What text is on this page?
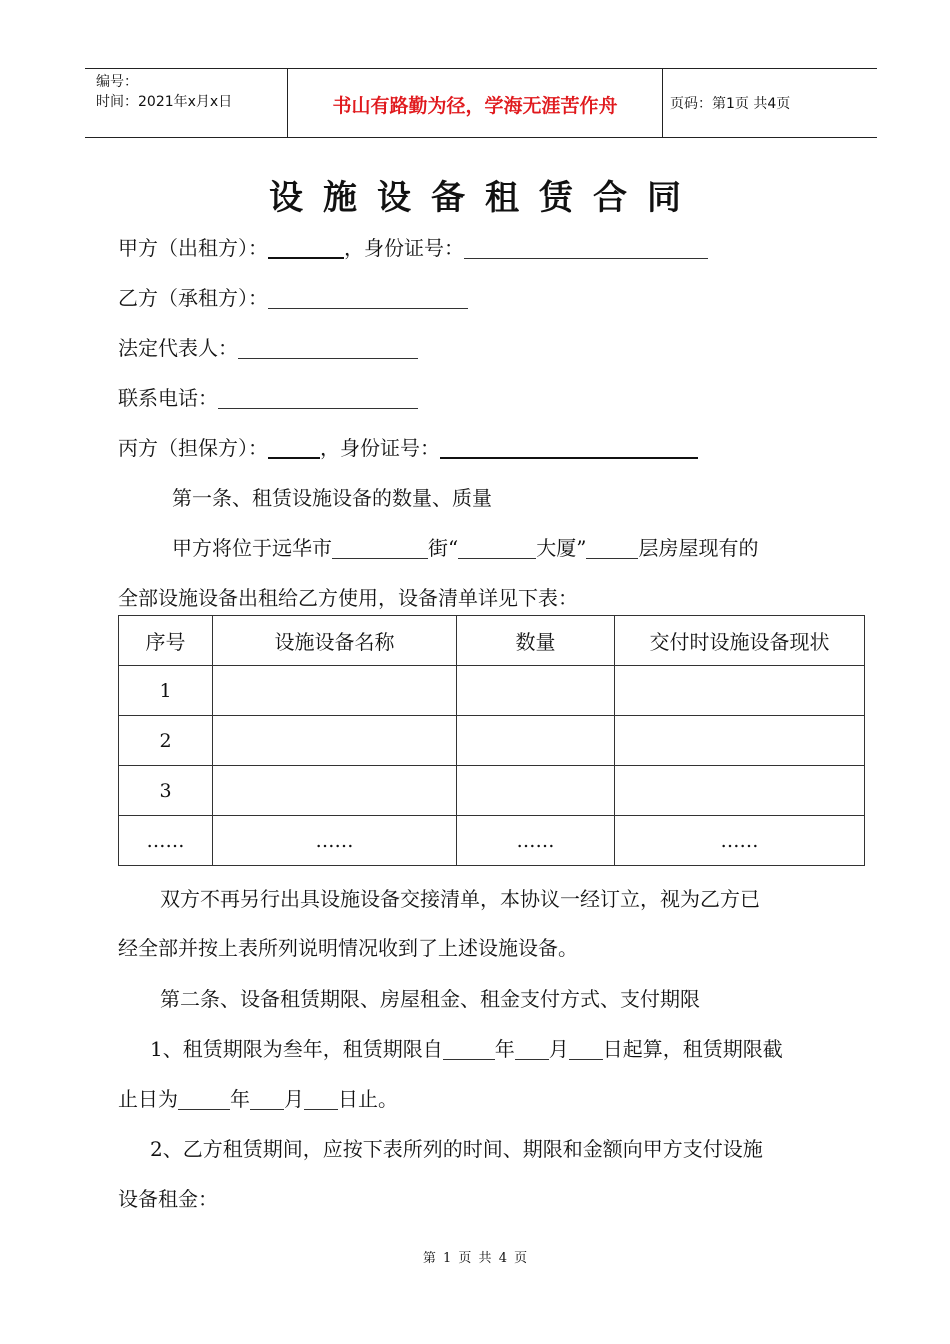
编号：
时间：2021年x月x日	书山有路勤为径，学海无涯苦作舟	页码：第1页 共4页
设施设备租赁合同
甲方（出租方）：	，身份证号：
乙方（承租方）：
法定代表人：
联系电话：
丙方（担保方）：	，身份证号：
第一条、租赁设施设备的数量、质量
甲方将位于远华市	街“	大厦”	层房屋现有的
全部设施设备出租给乙方使用，设备清单详见下表：
序号	设施设备名称	数量	交付时设施设备现状
1			
2			
3			
……	……	……	……
双方不再另行出具设施设备交接清单，本协议一经订立，视为乙方已
经全部并按上表所列说明情况收到了上述设施设备。
第二条、设备租赁期限、房屋租金、租金支付方式、支付期限
1、租赁期限为叁年，租赁期限自	年 月 日起算，租赁期限截
止日为	年 月 日止。
2、乙方租赁期间，应按下表所列的时间、期限和金额向甲方支付设施
设备租金：
第 1 页 共 4 页
